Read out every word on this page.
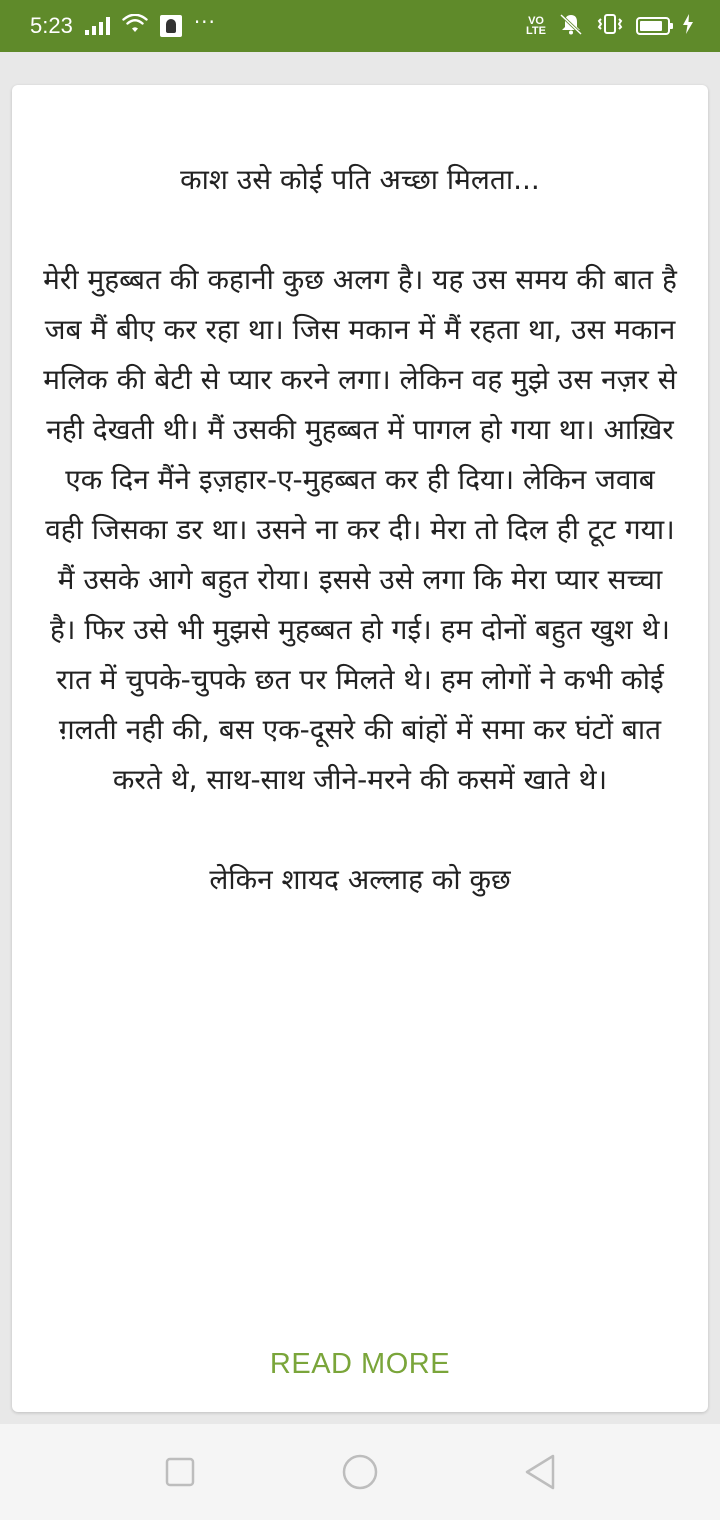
5:23	···	VO
LTE

काश उसे कोई पति अच्छा मिलता...

मेरी मुहब्बत की कहानी कुछ अलग है। यह उस समय की बात है जब मैं बीए कर रहा था। जिस मकान में मैं रहता था, उस मकान मलिक की बेटी से प्यार करने लगा। लेकिन वह मुझे उस नज़र से नही देखती थी। मैं उसकी मुहब्बत में पागल हो गया था। आख़िर एक दिन मैंने इज़हार-ए-मुहब्बत कर ही दिया। लेकिन जवाब वही जिसका डर था। उसने ना कर दी। मेरा तो दिल ही टूट गया। मैं उसके आगे बहुत रोया। इससे उसे लगा कि मेरा प्यार सच्चा है। फिर उसे भी मुझसे मुहब्बत हो गई। हम दोनों बहुत खुश थे। रात में चुपके-चुपके छत पर मिलते थे। हम लोगों ने कभी कोई ग़लती नही की, बस एक-दूसरे की बांहों में समा कर घंटों बात करते थे, साथ-साथ जीने-मरने की कसमें खाते थे।

लेकिन शायद अल्लाह को कुछ

READ MORE
